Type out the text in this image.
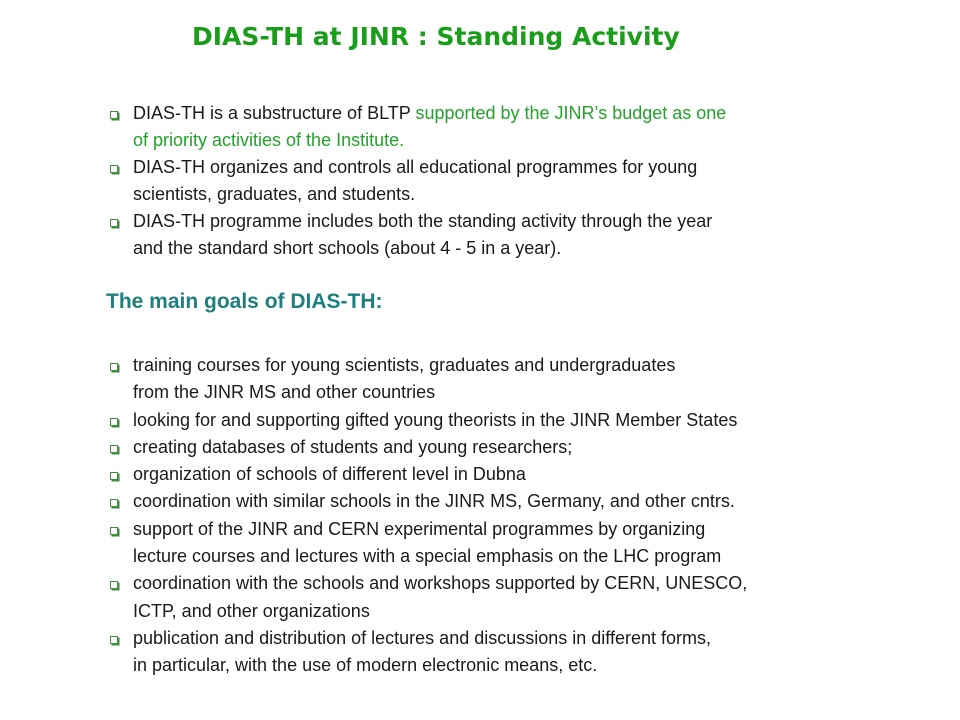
DIAS-TH at JINR : Standing Activity
DIAS-TH is a substructure of BLTP supported by the JINR’s budget as one
of priority activities of the Institute.
DIAS-TH organizes and controls all educational programmes for young
scientists, graduates, and students.
DIAS-TH programme includes both the standing activity through the year
and the standard short schools (about 4 - 5 in a year).
The main goals of DIAS-TH:
training courses for young scientists, graduates and undergraduates
from the JINR MS and other countries
looking for and supporting gifted young theorists in the JINR Member States
creating databases of students and young researchers;
organization of schools of different level in Dubna
coordination with similar schools in the JINR MS, Germany, and other cntrs.
support of the JINR and CERN experimental programmes by organizing
lecture courses and lectures with a special emphasis on the LHC program
coordination with the schools and workshops supported by CERN, UNESCO,
ICTP, and other organizations
publication and distribution of lectures and discussions in different forms,
in particular, with the use of modern electronic means, etc.
